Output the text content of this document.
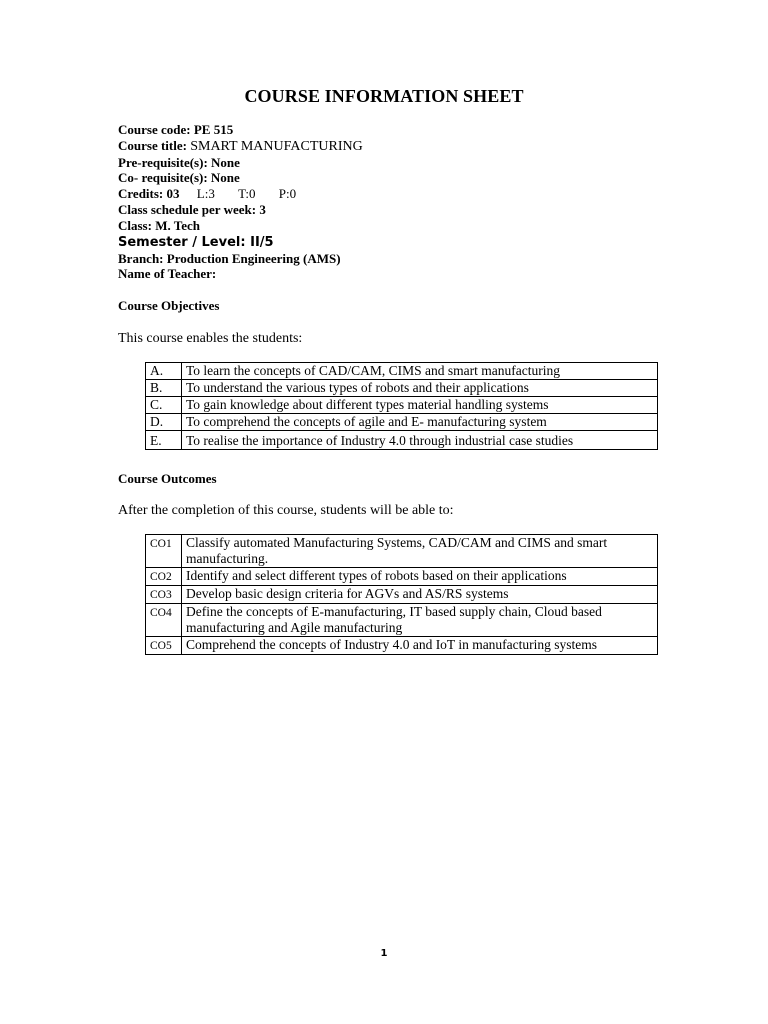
COURSE INFORMATION SHEET
Course code: PE 515
Course title: SMART MANUFACTURING
Pre-requisite(s): None
Co- requisite(s): None
Credits: 03 L:3 T:0 P:0
Class schedule per week: 3
Class: M. Tech
Semester / Level: II/5
Branch: Production Engineering (AMS)
Name of Teacher:
Course Objectives
This course enables the students:
A.	To learn the concepts of CAD/CAM, CIMS and smart manufacturing
B.	To understand the various types of robots and their applications
C.	To gain knowledge about different types material handling systems
D.	To comprehend the concepts of agile and E- manufacturing system
E.	To realise the importance of Industry 4.0 through industrial case studies
Course Outcomes
After the completion of this course, students will be able to:
CO1	Classify automated Manufacturing Systems, CAD/CAM and CIMS and smart manufacturing.
CO2	Identify and select different types of robots based on their applications
CO3	Develop basic design criteria for AGVs and AS/RS systems
CO4	Define the concepts of E-manufacturing, IT based supply chain, Cloud based manufacturing and Agile manufacturing
CO5	Comprehend the concepts of Industry 4.0 and IoT in manufacturing systems
1
